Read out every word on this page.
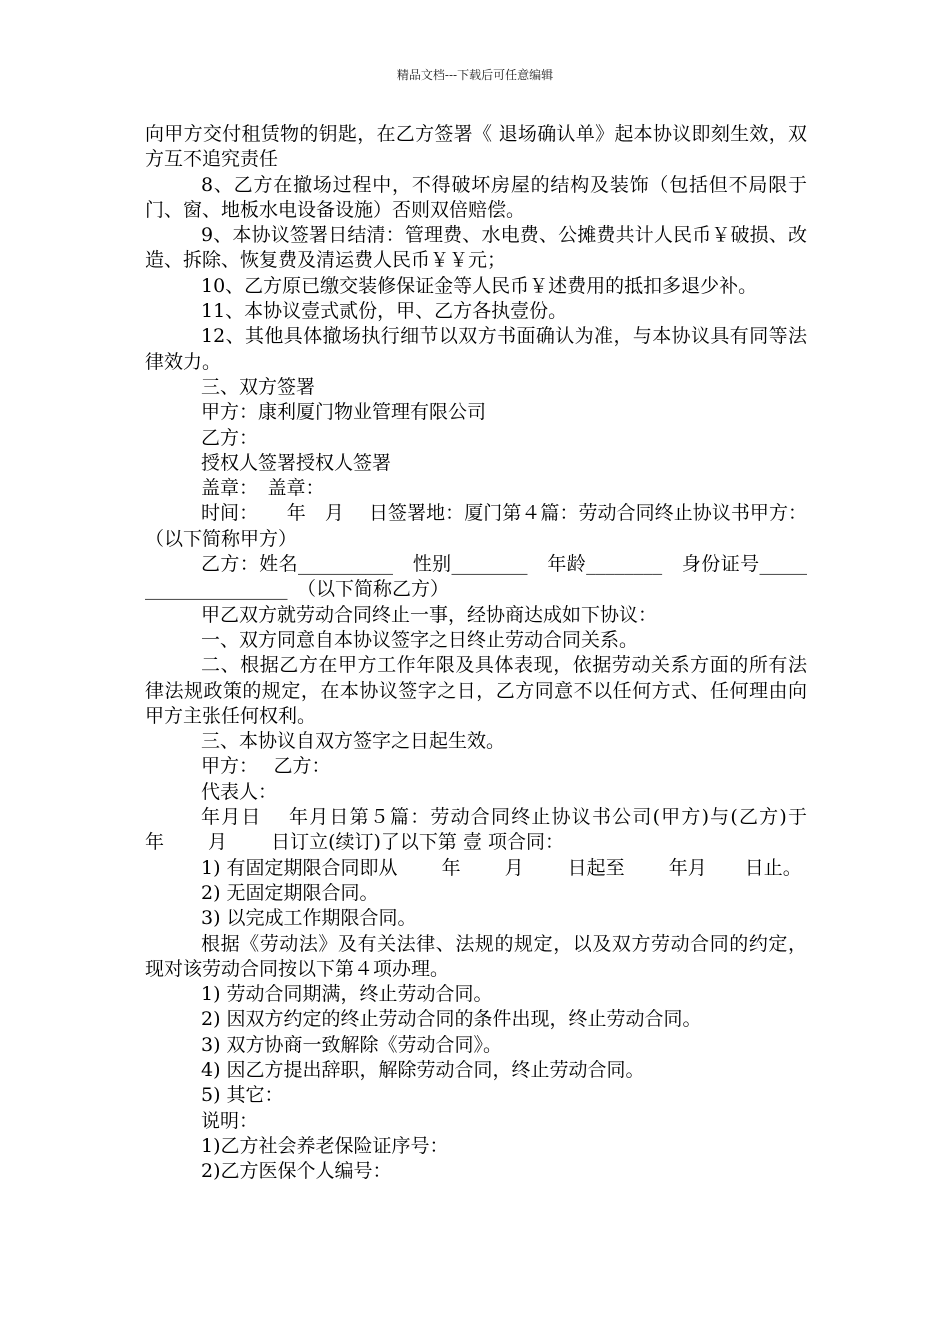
精品文档---下载后可任意编辑

向甲方交付租赁物的钥匙，在乙方签署《 退场确认单》起本协议即刻生效，双方互不追究责任

8、乙方在撤场过程中，不得破坏房屋的结构及装饰（包括但不局限于门、窗、地板水电设备设施）否则双倍赔偿。

9、本协议签署日结清：管理费、水电费、公摊费共计人民币￥破损、改造、拆除、恢复费及清运费人民币￥￥元；

10、乙方原已缴交装修保证金等人民币￥述费用的抵扣多退少补。

11、本协议壹式贰份，甲、乙方各执壹份。

12、其他具体撤场执行细节以双方书面确认为准，与本协议具有同等法律效力。

三、双方签署

甲方：康利厦门物业管理有限公司

乙方：

授权人签署授权人签署

盖章：　盖章：

时间：　　年　月　 日签署地：厦门第４篇：劳动合同终止协议书甲方：（以下简称甲方）

乙方：姓名__________　性别________　年龄________　身份证号____________________　（以下简称乙方）

甲乙双方就劳动合同终止一事，经协商达成如下协议：

一、双方同意自本协议签字之日终止劳动合同关系。

二、根据乙方在甲方工作年限及具体表现，依据劳动关系方面的所有法律法规政策的规定，在本协议签字之日，乙方同意不以任何方式、任何理由向甲方主张任何权利。

三、本协议自双方签字之日起生效。

甲方：　 乙方：

代表人：

年月日　 年月日第５篇：劳动合同终止协议书公司(甲方)与(乙方)于　　 年　　 月　　 日订立(续订)了以下第 壹 项合同：

1) 有固定期限合同即从　　 年　　 月　　 日起至　　 年月　　日止。

2) 无固定期限合同。

3) 以完成工作期限合同。

根据《劳动法》及有关法律、法规的规定，以及双方劳动合同的约定，现对该劳动合同按以下第４项办理。

1) 劳动合同期满，终止劳动合同。

2) 因双方约定的终止劳动合同的条件出现，终止劳动合同。

3) 双方协商一致解除《劳动合同》。

4) 因乙方提出辞职，解除劳动合同，终止劳动合同。

5) 其它：

说明：

1)乙方社会养老保险证序号：

2)乙方医保个人编号：
